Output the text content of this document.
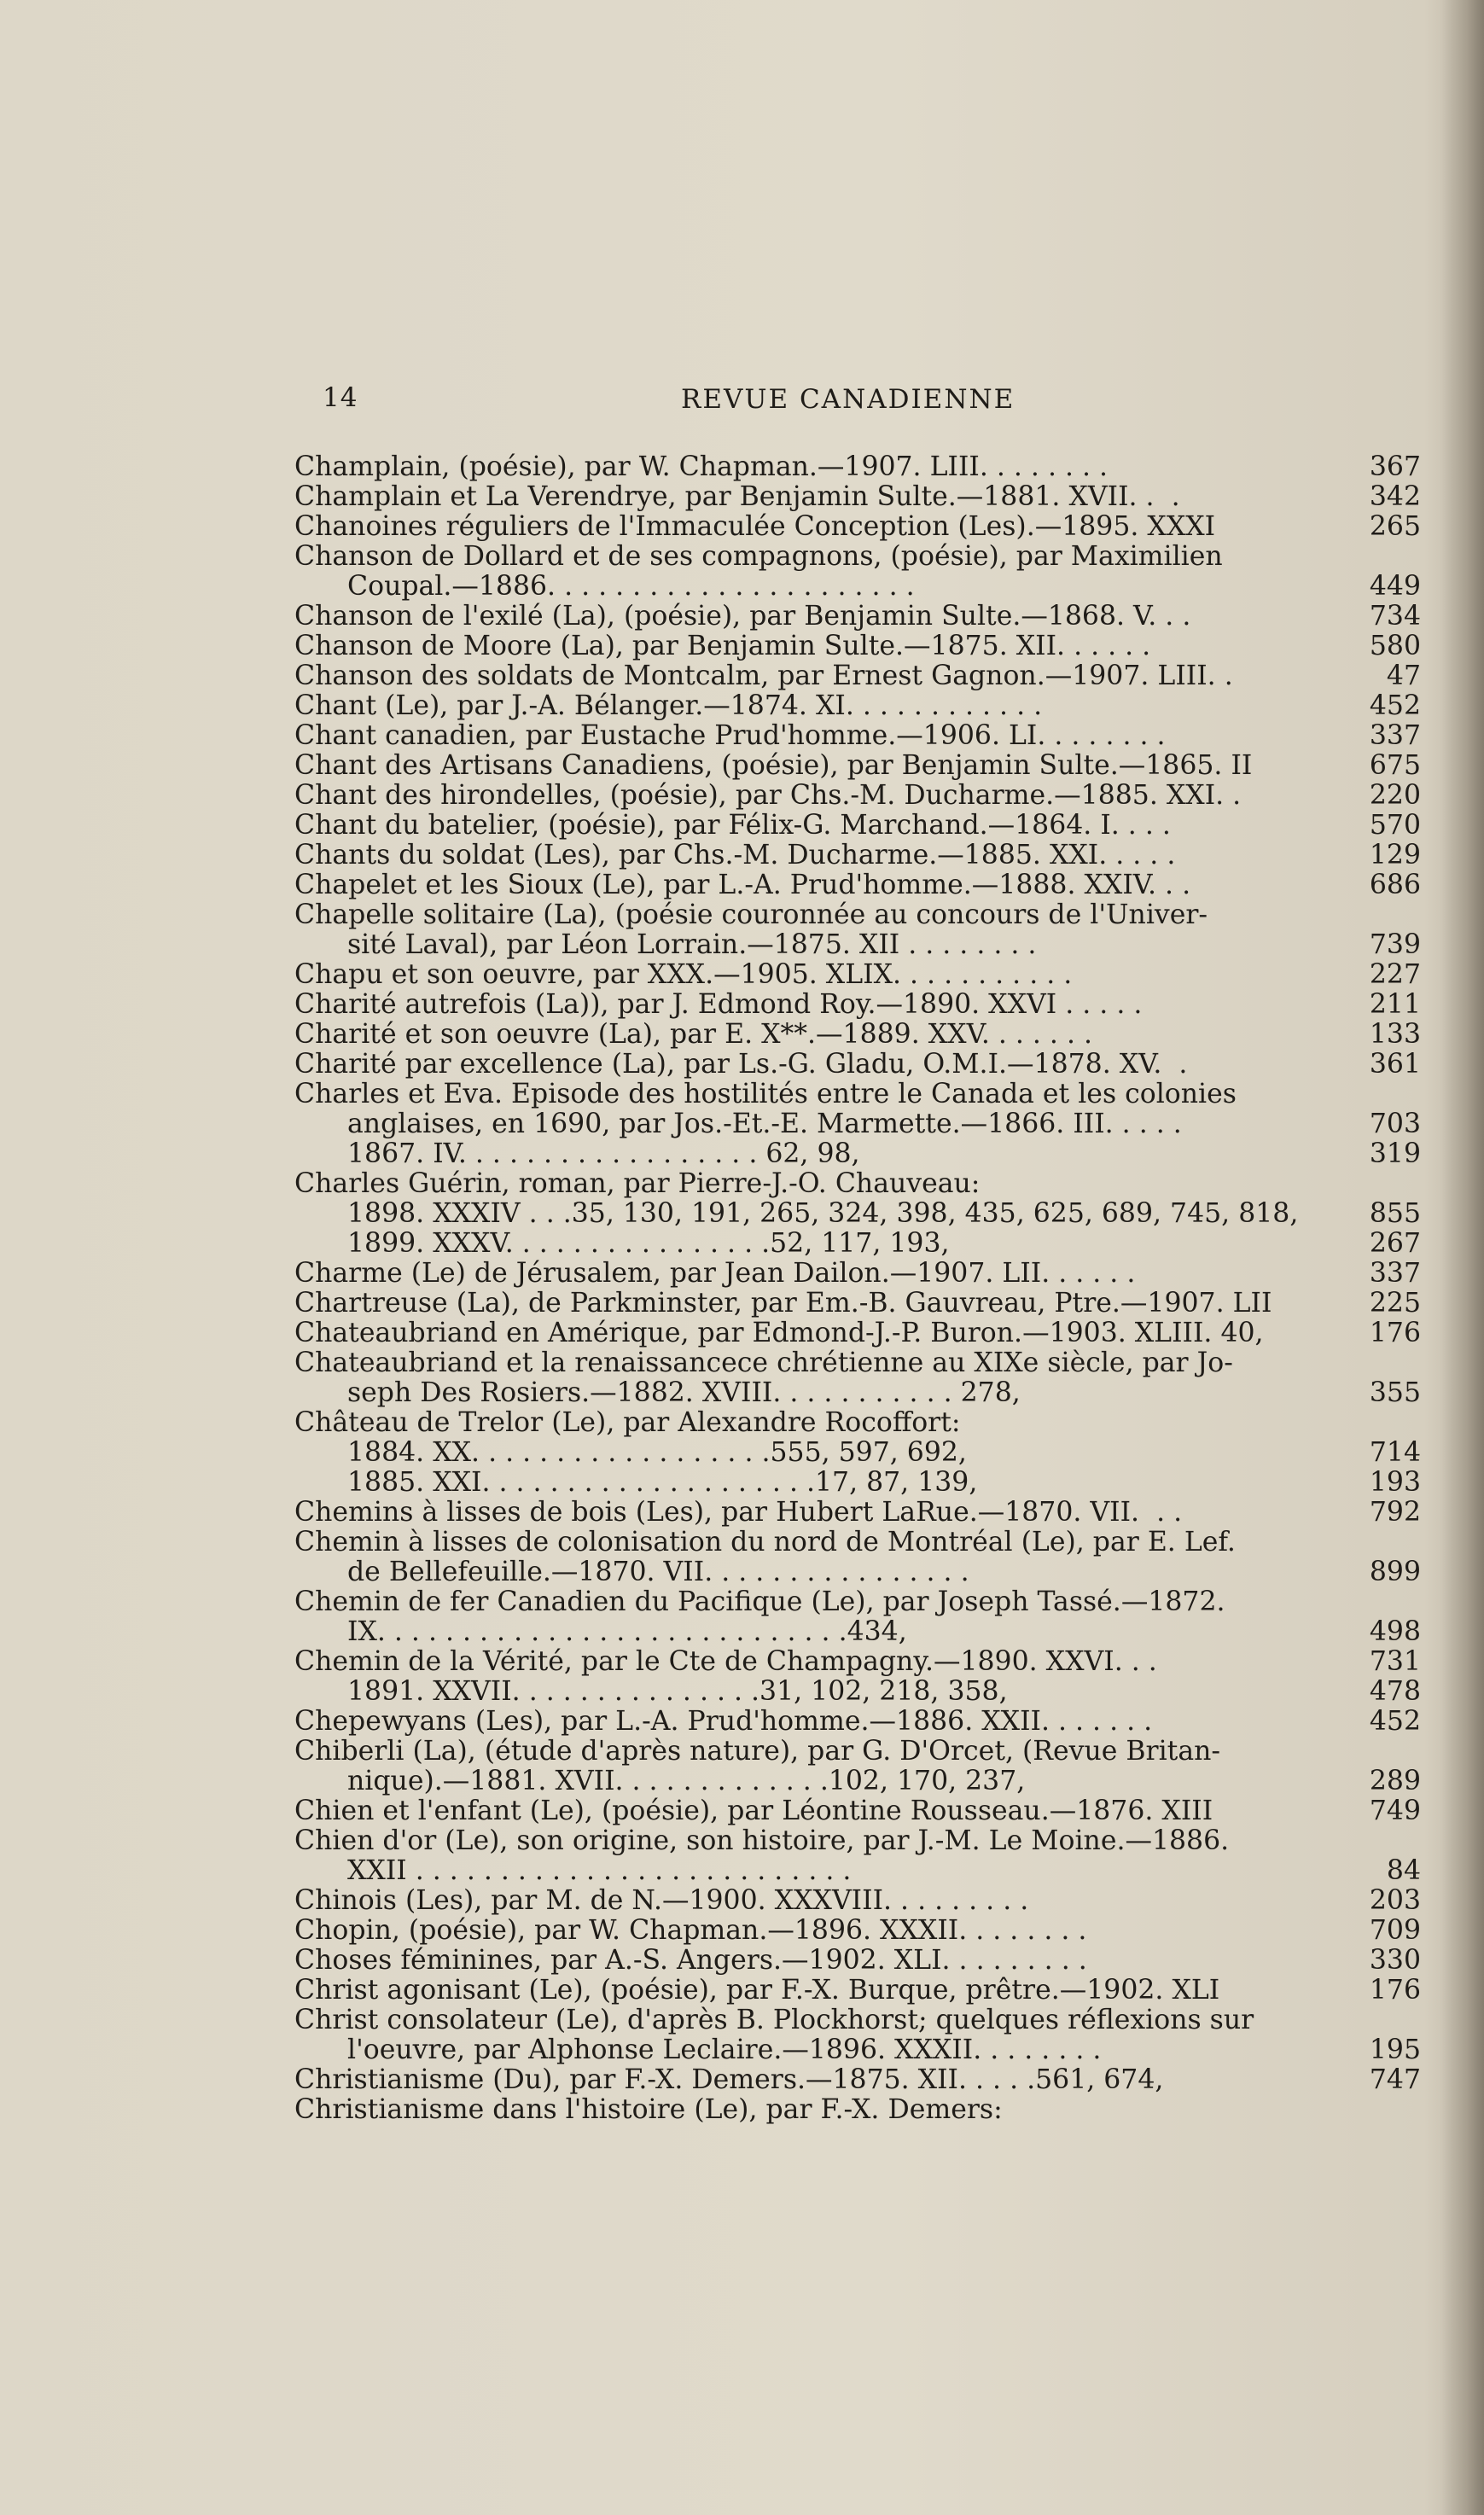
14	REVUE CANADIENNE
Champlain, (poésie), par W. Chapman.—1907. LIII. . . . . . . .	367
Champlain et La Verendrye, par Benjamin Sulte.—1881. XVII. .  .	342
Chanoines réguliers de l'Immaculée Conception (Les).—1895. XXXI	265
Chanson de Dollard et de ses compagnons, (poésie), par Maximilien
Coupal.—1886. . . . . . . . . . . . . . . . . . . . . .	449
Chanson de l'exilé (La), (poésie), par Benjamin Sulte.—1868. V. . .	734
Chanson de Moore (La), par Benjamin Sulte.—1875. XII. . . . . .	580
Chanson des soldats de Montcalm, par Ernest Gagnon.—1907. LIII. .	47
Chant (Le), par J.-A. Bélanger.—1874. XI. . . . . . . . . . . .	452
Chant canadien, par Eustache Prud'homme.—1906. LI. . . . . . . .	337
Chant des Artisans Canadiens, (poésie), par Benjamin Sulte.—1865. II	675
Chant des hirondelles, (poésie), par Chs.-M. Ducharme.—1885. XXI. .	220
Chant du batelier, (poésie), par Félix-G. Marchand.—1864. I. . . .	570
Chants du soldat (Les), par Chs.-M. Ducharme.—1885. XXI. . . . .	129
Chapelet et les Sioux (Le), par L.-A. Prud'homme.—1888. XXIV. . .	686
Chapelle solitaire (La), (poésie couronnée au concours de l'Univer-
sité Laval), par Léon Lorrain.—1875. XII . . . . . . . .	739
Chapu et son oeuvre, par XXX.—1905. XLIX. . . . . . . . . . .	227
Charité autrefois (La)), par J. Edmond Roy.—1890. XXVI . . . . .	211
Charité et son oeuvre (La), par E. X**.—1889. XXV. . . . . . .	133
Charité par excellence (La), par Ls.-G. Gladu, O.M.I.—1878. XV.  .	361
Charles et Eva. Episode des hostilités entre le Canada et les colonies
anglaises, en 1690, par Jos.-Et.-E. Marmette.—1866. III. . . . .	703
1867. IV. . . . . . . . . . . . . . . . . . 62, 98,	319
Charles Guérin, roman, par Pierre-J.-O. Chauveau:
1898. XXXIV . . .35, 130, 191, 265, 324, 398, 435, 625, 689, 745, 818,	855
1899. XXXV. . . . . . . . . . . . . . . .52, 117, 193,	267
Charme (Le) de Jérusalem, par Jean Dailon.—1907. LII. . . . . .	337
Chartreuse (La), de Parkminster, par Em.-B. Gauvreau, Ptre.—1907. LII	225
Chateaubriand en Amérique, par Edmond-J.-P. Buron.—1903. XLIII. 40,	176
Chateaubriand et la renaissancece chrétienne au XIXe siècle, par Jo-
seph Des Rosiers.—1882. XVIII. . . . . . . . . . . 278,	355
Château de Trelor (Le), par Alexandre Rocoffort:
1884. XX. . . . . . . . . . . . . . . . . .555, 597, 692,	714
1885. XXI. . . . . . . . . . . . . . . . . . . .17, 87, 139,	193
Chemins à lisses de bois (Les), par Hubert LaRue.—1870. VII.  . .	792
Chemin à lisses de colonisation du nord de Montréal (Le), par E. Lef.
de Bellefeuille.—1870. VII. . . . . . . . . . . . . . . .	899
Chemin de fer Canadien du Pacifique (Le), par Joseph Tassé.—1872.
IX. . . . . . . . . . . . . . . . . . . . . . . . . . . .434,	498
Chemin de la Vérité, par le Cte de Champagny.—1890. XXVI. . .	731
1891. XXVII. . . . . . . . . . . . . . .31, 102, 218, 358,	478
Chepewyans (Les), par L.-A. Prud'homme.—1886. XXII. . . . . . .	452
Chiberli (La), (étude d'après nature), par G. D'Orcet, (Revue Britan-
nique).—1881. XVII. . . . . . . . . . . . .102, 170, 237,	289
Chien et l'enfant (Le), (poésie), par Léontine Rousseau.—1876. XIII	749
Chien d'or (Le), son origine, son histoire, par J.-M. Le Moine.—1886.
XXII . . . . . . . . . . . . . . . . . . . . . . . . . .	84
Chinois (Les), par M. de N.—1900. XXXVIII. . . . . . . . .	203
Chopin, (poésie), par W. Chapman.—1896. XXXII. . . . . . . .	709
Choses féminines, par A.-S. Angers.—1902. XLI. . . . . . . . .	330
Christ agonisant (Le), (poésie), par F.-X. Burque, prêtre.—1902. XLI	176
Christ consolateur (Le), d'après B. Plockhorst; quelques réflexions sur
l'oeuvre, par Alphonse Leclaire.—1896. XXXII. . . . . . . .	195
Christianisme (Du), par F.-X. Demers.—1875. XII. . . . .561, 674,	747
Christianisme dans l'histoire (Le), par F.-X. Demers:
